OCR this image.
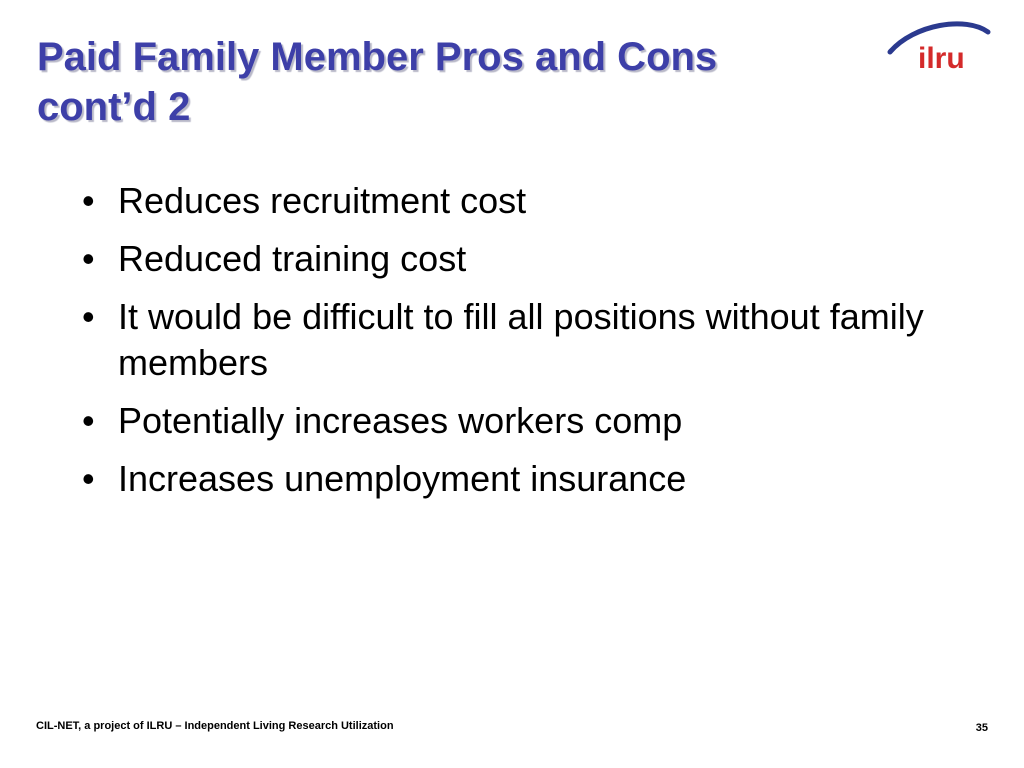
Paid Family Member Pros and Cons
cont’d 2
ilru
• Reduces recruitment cost
• Reduced training cost
• It would be difficult to fill all positions without family members
• Potentially increases workers comp
• Increases unemployment insurance
CIL-NET, a project of ILRU – Independent Living Research Utilization	35
